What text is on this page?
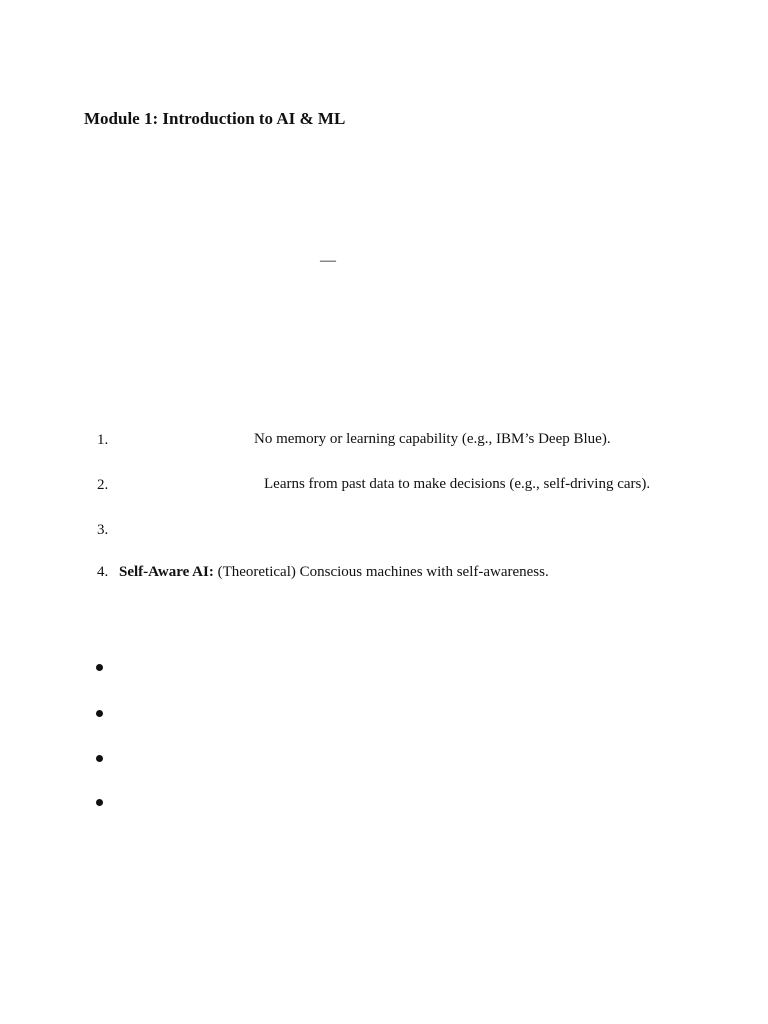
Module 1: Introduction to AI & ML
—
1.	No memory or learning capability (e.g., IBM’s Deep Blue).
2.	Learns from past data to make decisions (e.g., self-driving cars).
3.
4. Self-Aware AI: (Theoretical) Conscious machines with self-awareness.
